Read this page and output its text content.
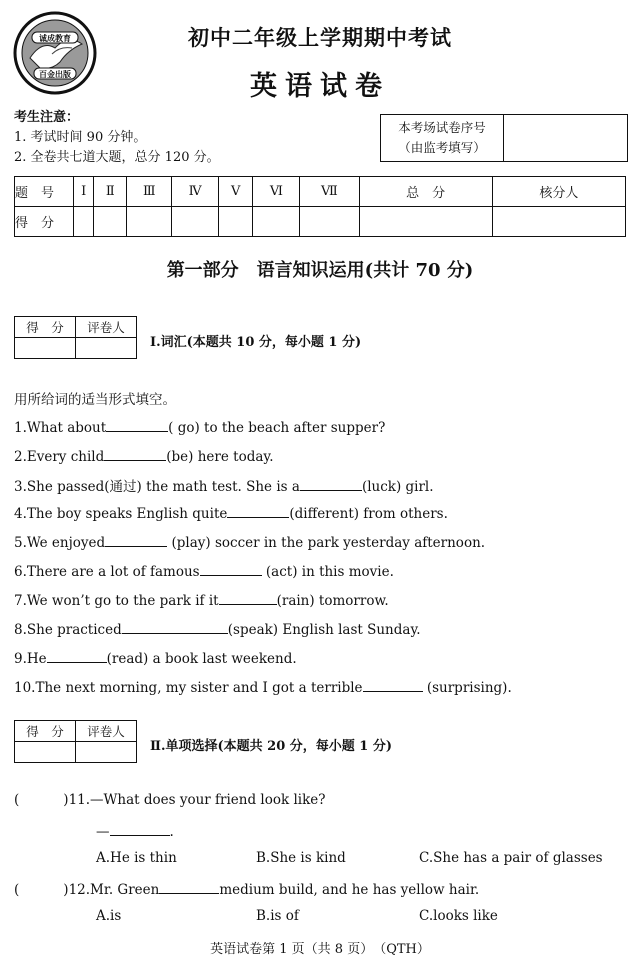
诚成教育
百金出版
初中二年级上学期期中考试
英语试卷
考生注意：
1. 考试时间 90 分钟。
2. 全卷共七道大题，总分 120 分。
本考场试卷序号
（由监考填写）
题　号	Ⅰ	Ⅱ	Ⅲ	Ⅳ	Ⅴ	Ⅵ	Ⅶ	总　分	核分人
得　分									
第一部分　语言知识运用(共计 70 分)
得　分	评卷人

Ⅰ.词汇(本题共 10 分，每小题 1 分)
用所给词的适当形式填空。
1.What about	( go) to the beach after supper?
2.Every child	(be) here today.
3.She passed(通过) the math test. She is a	(luck) girl.
4.The boy speaks English quite	(different) from others.
5.We enjoyed	(play) soccer in the park yesterday afternoon.
6.There are a lot of famous	(act) in this movie.
7.We won’t go to the park if it	(rain) tomorrow.
8.She practiced	(speak) English last Sunday.
9.He	(read) a book last weekend.
10.The next morning, my sister and I got a terrible	(surprising).
得　分	评卷人

Ⅱ.单项选择(本题共 20 分，每小题 1 分)
(	)11.—What does your friend look like?
—	.
A.He is thin	B.She is kind	C.She has a pair of glasses
(	)12.Mr. Green	medium build, and he has yellow hair.
A.is	B.is of	C.looks like
英语试卷第 1 页（共 8 页）　（QTH）
